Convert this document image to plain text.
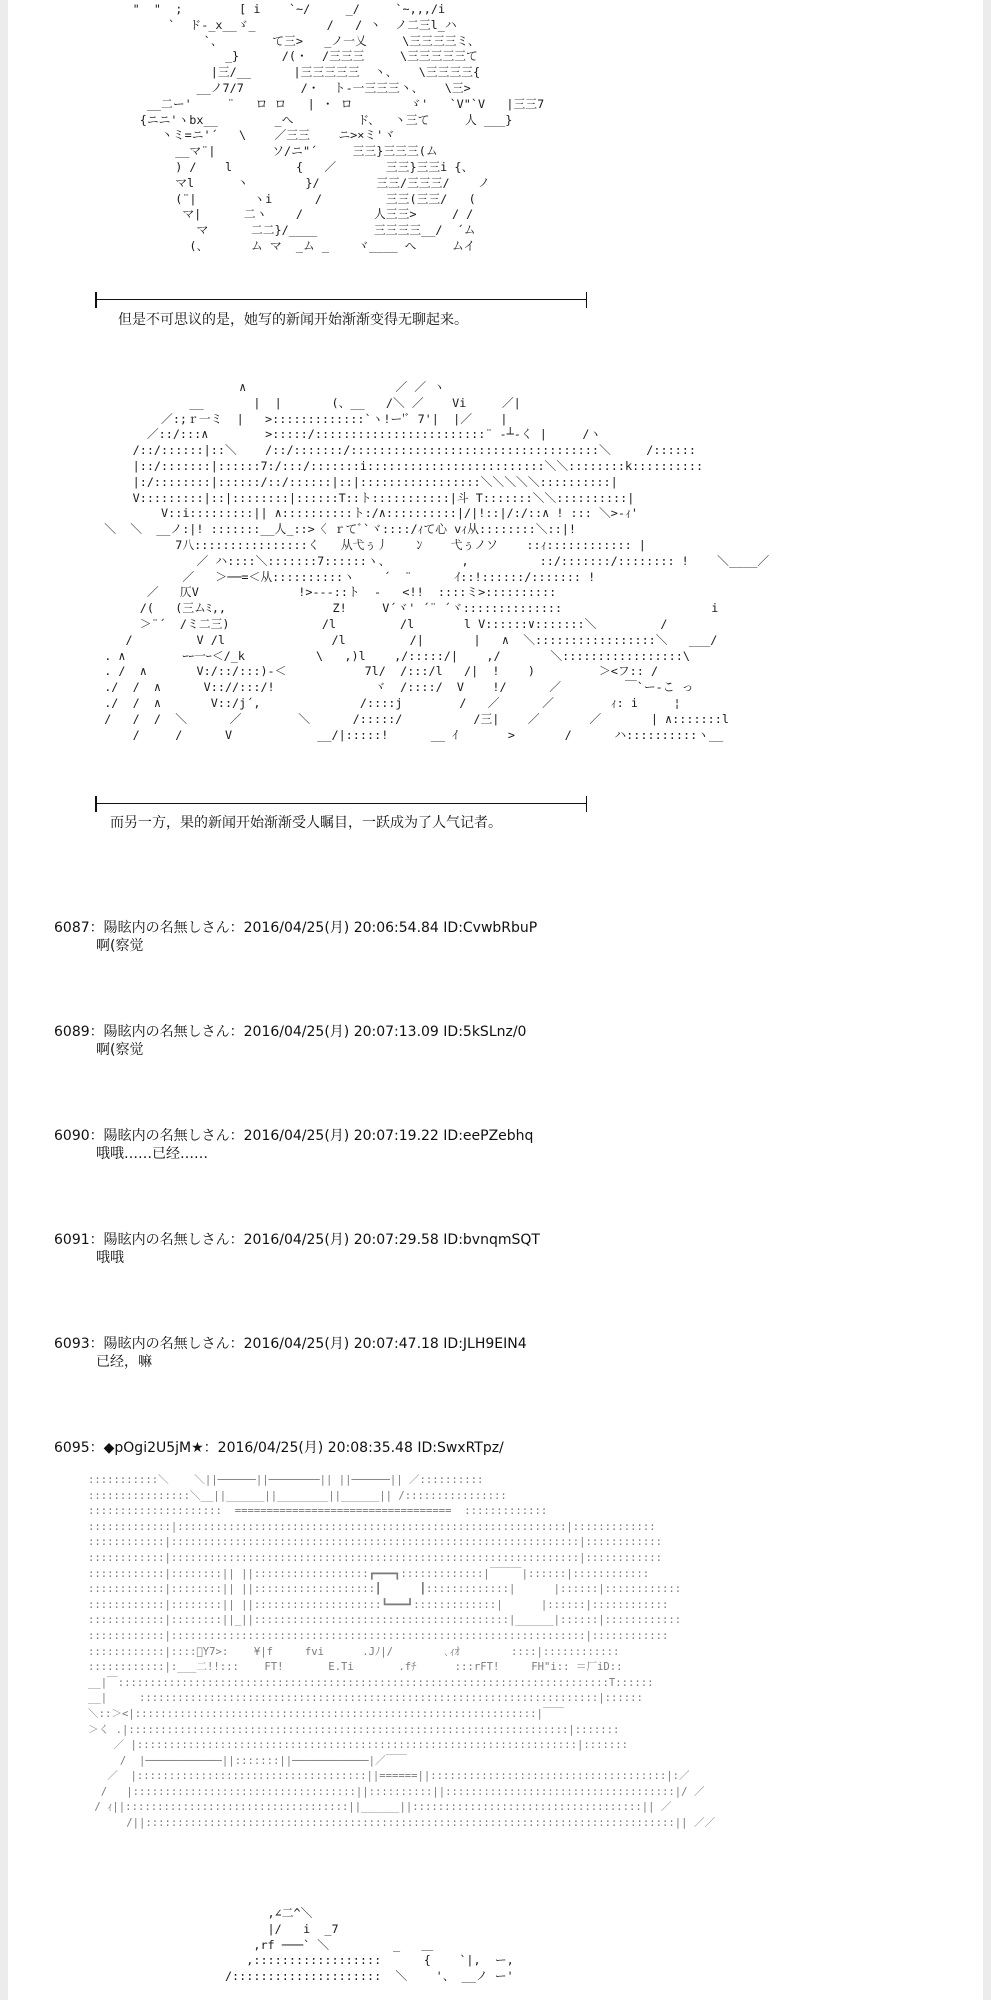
"  "  ;        [ i    `~/     _/     `~,,,/i
`  ド-_x__ゞ_          /   / 丶  ノ二三l_ハ
`、       て三>   _ノ一乂     \三三三三ミ、
_}      /(・  /三三三     \三三三三三て
|三/__      |三三三三三  丶、   \三三三三{
__ノ7/7        /・  ト-一三三三丶、   \三>
__二ー'     ¨   ロ ロ   | ・ ロ        ゞ'   `V"`V   |三三7
{ニニ'ヽbx__        _へ         ド、  丶三て     人 ___}
丶ミ=ニ'´   \    ／三三    ニ>×ミ'ヾ
__マ¨|        ソ/ニ"´     三三}三三三(ム
) /    l         {   ／       三三}三三i {、
マl      丶        }/        三三/三三三/    ノ
(¨|        ヽi      /         三三(三三/   (
マ|      二ヽ    /          人三三>     / /
マ      二二}/____        三三三三__/  ´ム
(、      ム マ  _ム _    ヾ____ へ     ムイ
但是不可思议的是，她写的新闻开始渐渐变得无聊起来。
∧                     ／ ／ ヽ
__       |  |       (、__   /＼ ／    Vi     ／|
／:;ｒ一ミ  |   >:::::::::::::`ヽ!ー'ﾞ 7'|  |／    |
／::/:::∧        >:::::/::::::::::::::::::::::::¨ ‐┴‐く |     /ヽ
/::/::::::|::＼    /::/:::::::/:::::::::::::::::::::::::::::::::::＼     /::::::
|::/:::::::|::::::7:/:::/:::::::i:::::::::::::::::::::::::＼＼::::::::k::::::::::
|:/::::::::|::::::/::/::::::|::|:::::::::::::::::＼＼＼＼＼::::::::::|
V:::::::::|::|::::::::|::::::T::ト:::::::::::|斗 T:::::::＼＼::::::::::|
V::i:::::::::|| ∧::::::::::ト:/∧::::::::::|/|!::|/:/::∧ ! ::: ＼>-ｨ'
＼  ＼  __ノ:|! :::::::__人_::>〈 ｒてﾞ`ヾ::::/ｨて心 vｨ从::::::::＼::|!
7八::::::::::::::::く   从弋ぅ丿    ﾝ    弋ぅノソ    ::ｨ:::::::::::: |
／ ハ::::＼:::::::7::::::ヽ、          ,          ::/:::::::/:::::::: !    ＼____／
／   ＞──=＜从::::::::::ヽ    ´  ¨      ｲ::!::::::/::::::: !
／   仄V              !>---::ト  -   <!!  ::::ミ>::::::::::
/(   (三ムﾐ,,               Z!     V´ヾ' ´¨ ´ヾ::::::::::::::                     i
＞¨´  /ミ二三)             /l         /l       l V::::::∨:::::::＼         /
/         V /l               /l         /|       |   ∧  ＼:::::::::::::::::＼   ___/
. ∧        ｰｰ一ｰ＜/_k          \   ,)l    ,/:::::/|    ,/       ＼:::::::::::::::::\
. /  ∧       V:/::/:::)-＜           7l/  /:::/l   /|  !    )         ＞<フ:: /
./  /  ∧      V:://:::/!              ヾ  /::::/  V    !/      ／         ￣`ー‐こ っ
./  /  ∧       V::/j´,              /::::j        /   ／      ／        ｨ: i     ¦
/   /  /  ＼      ／        ＼      /:::::/          /三|    ／       ／       | ∧:::::::l
/     /      V            __/|:::::!      __ ｲ       >       /      ハ::::::::::ヽ__
而另一方，果的新闻开始渐渐受人瞩目，一跃成为了人气记者。
6087：陽眩内の名無しさん：2016/04/25(月) 20:06:54.84 ID:CvwbRbuP
啊(察觉
6089：陽眩内の名無しさん：2016/04/25(月) 20:07:13.09 ID:5kSLnz/0
啊(察觉
6090：陽眩内の名無しさん：2016/04/25(月) 20:07:19.22 ID:eePZebhq
哦哦……已经……
6091：陽眩内の名無しさん：2016/04/25(月) 20:07:29.58 ID:bvnqmSQT
哦哦
6093：陽眩内の名無しさん：2016/04/25(月) 20:07:47.18 ID:JLH9EIN4
已经，嘛
6095：◆pOgi2U5jM★：2016/04/25(月) 20:08:35.48 ID:SwxRTpz/
:::::::::::＼    ＼||──────||────────|| ||──────|| ／::::::::::
::::::::::::::::＼__||______||________||______|| /::::::::::::::::
:::::::::::::::::::::  ==================================  :::::::::::::
:::::::::::::|:::::::::::::::::::::::::::::::::::::::::::::::::::::::::::::|:::::::::::::
::::::::::::|::::::::::::::::::::::::::::::::::::::::::::::::::::::::::::::::|::::::::::::
::::::::::::|::::::::::::::::::::::::::::::::::::::::::::::::::::::::::::::::|::::::::::::
::::::::::::|::::::::|| ||::::::::::::::::::┏━━━┓:::::::::::::|￣￣￣|::::::|::::::::::::
::::::::::::|::::::::|| ||:::::::::::::::::::┃      ┃:::::::::::::|      |::::::|::::::::::::
::::::::::::|::::::::|| ||::::::::::::::::::::┗━━━┛:::::::::::::|      |::::::|::::::::::::
::::::::::::|::::::::||_||::::::::::::::::::::::::::::::::::::::::|______|::::::|::::::::::::
::::::::::::|:::::::::::::::::::::::::::::::::::::::::::::::::::::::::::::::::|::::::::::::
::::::::::::|::::ﾞY7>:    ¥|f     fvi      .Jﾉ|/        ､ｨｵ        ::::|::::::::::::
::::::::::::|:___二!!:::    FT!       E.Ti       .fﾁ      :::rFT!     FH"i:: ＝厂iD::
__|￣:::::::::::::::::::::::::::::::::::::::::::::::::::::::::::::::::::::::::::::T::::::
__|     ::::::::::::::::::::::::::::::::::::::::::::::::::::::::::::::::::::::::|::::::
＼::＞<|:::::::::::::::::::::::::::::::::::::::::::::::::::::::::::::::|￣￣
＞く .|:::::::::::::::::::::::::::::::::::::::::::::::::::::::::::::::::::::|:::::::
／ |:::::::::::::::::::::::::::::::::::::::::::::::::::::::::::::::::::::|:::::::
/  |────────────||:::::::||────────────|／￣￣
／  |::::::::::::::::::::::::::::::::::::||======||:::::::::::::::::::::::::::::::::::::|:／
/   |:::::::::::::::::::::::::::::::::::||::::::::::||::::::::::::::::::::::::::::::::::::|/ ／
/ ｨ||:::::::::::::::::::::::::::::::::::||______||::::::::::::::::::::::::::::::::::::|| ／
/||:::::::::::::::::::::::::::::::::::::::::::::::::::::::::::::::::::::::::::::::::::|| ／／
,∠二^＼
|/   i  _7
,rf ───` ＼         _   ＿
,::::::::::::::::::      {    `|,  ー,
/:::::::::::::::::::::  ＼    '、 __ノ ー'
